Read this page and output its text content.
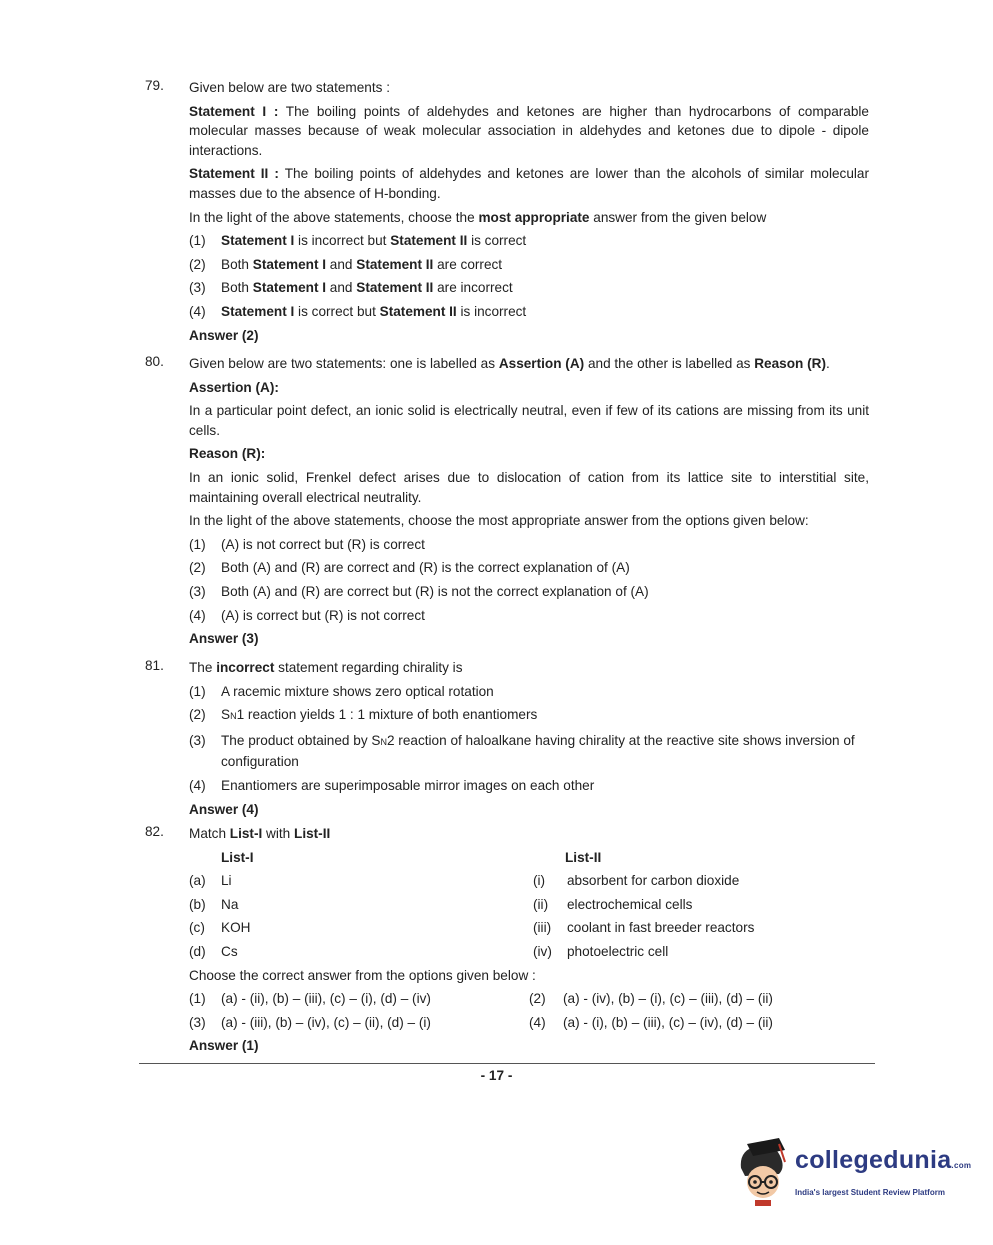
79.	Given below are two statements :

Statement I : The boiling points of aldehydes and ketones are higher than hydrocarbons of comparable molecular masses because of weak molecular association in aldehydes and ketones due to dipole - dipole interactions.

Statement II : The boiling points of aldehydes and ketones are lower than the alcohols of similar molecular masses due to the absence of H-bonding.

In the light of the above statements, choose the most appropriate answer from the given below

(1)	Statement I is incorrect but Statement II is correct
(2)	Both Statement I and Statement II are correct
(3)	Both Statement I and Statement II are incorrect
(4)	Statement I is correct but Statement II is incorrect
Answer (2)
80.	Given below are two statements: one is labelled as Assertion (A) and the other is labelled as Reason (R).

Assertion (A):

In a particular point defect, an ionic solid is electrically neutral, even if few of its cations are missing from its unit cells.

Reason (R):

In an ionic solid, Frenkel defect arises due to dislocation of cation from its lattice site to interstitial site, maintaining overall electrical neutrality.

In the light of the above statements, choose the most appropriate answer from the options given below:

(1)	(A) is not correct but (R) is correct
(2)	Both (A) and (R) are correct and (R) is the correct explanation of (A)
(3)	Both (A) and (R) are correct but (R) is not the correct explanation of (A)
(4)	(A) is correct but (R) is not correct
Answer (3)
81.	The incorrect statement regarding chirality is

(1)	A racemic mixture shows zero optical rotation
(2)	SN1 reaction yields 1 : 1 mixture of both enantiomers
(3)	The product obtained by SN2 reaction of haloalkane having chirality at the reactive site shows inversion of configuration
(4)	Enantiomers are superimposable mirror images on each other
Answer (4)
82.	Match List-I with List-II

List-I	List-II
(a)	Li	(i)	absorbent for carbon dioxide
(b)	Na	(ii)	electrochemical cells
(c)	KOH	(iii)	coolant in fast breeder reactors
(d)	Cs	(iv)	photoelectric cell

Choose the correct answer from the options given below :

(1)	(a) - (ii), (b) – (iii), (c) – (i), (d) – (iv)	(2)	(a) - (iv), (b) – (i), (c) – (iii), (d) – (ii)
(3)	(a) - (iii), (b) – (iv), (c) – (ii), (d) – (i)	(4)	(a) - (i), (b) – (iii), (c) – (iv), (d) – (ii)
Answer (1)
- 17 -
collegedunia.com
India's largest Student Review Platform
